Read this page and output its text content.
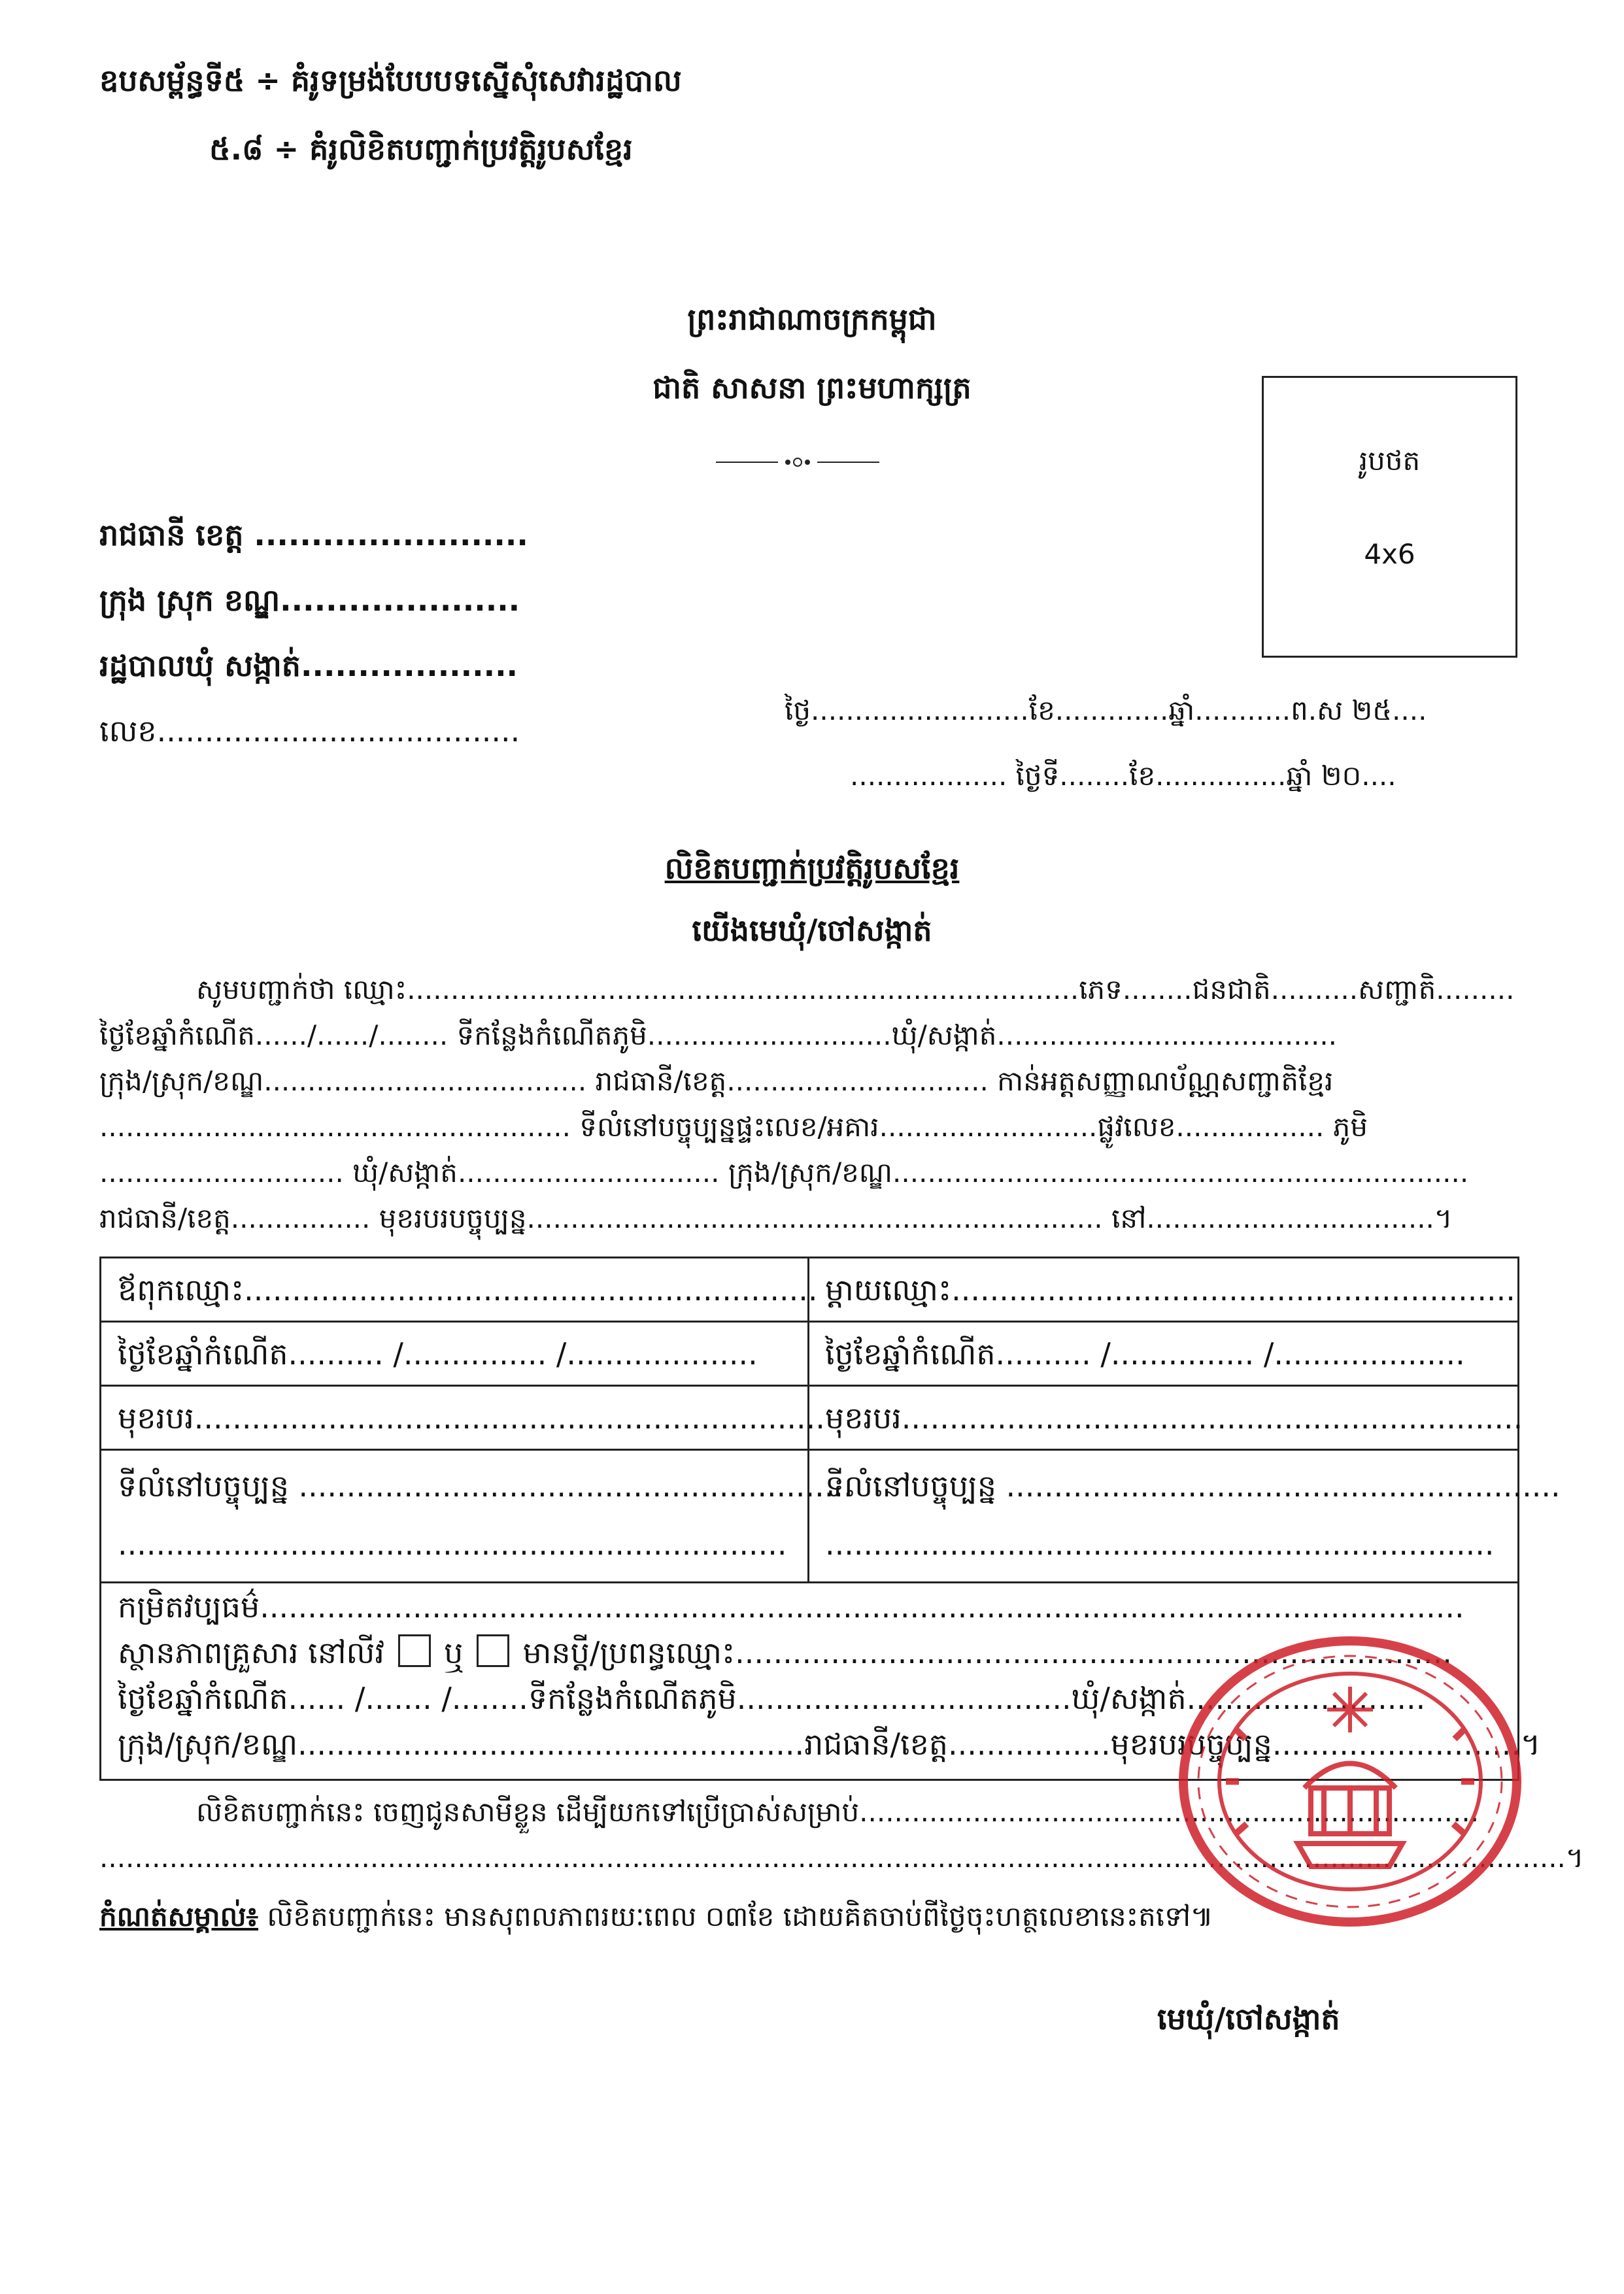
ឧបសម្ព័ន្ធទី៥ ÷ គំរូទម្រង់បែបបទស្នើសុំសេវារដ្ឋបាល
៥.៨ ÷ គំរូលិខិតបញ្ជាក់ប្រវត្តិរូបសខ្មែរ
ព្រះរាជាណាចក្រកម្ពុជា
ជាតិ សាសនា ព្រះមហាក្សត្រ
រូបថត
4x6
រាជធានី ខេត្ត ........................
ក្រុង ស្រុក ខណ្ឌ.....................
រដ្ឋបាលឃុំ សង្កាត់...................
លេខ......................................
ថ្ងៃ.........................ខែ.............ឆ្នាំ...........ព.ស ២៥....
.................. ថ្ងៃទី........ខែ...............ឆ្នាំ ២០....
លិខិតបញ្ជាក់ប្រវត្តិរូបសខ្មែរ
យើងមេឃុំ/ចៅសង្កាត់
សូមបញ្ជាក់ថា ឈ្មោះ.............................................................................ភេទ........ជនជាតិ..........សញ្ជាតិ.........
ថ្ងៃខែឆ្នាំកំណើត....../....../........ ទីកន្លែងកំណើតភូមិ............................ឃុំ/សង្កាត់.......................................
ក្រុង/ស្រុក/ខណ្ឌ..................................... រាជធានី/ខេត្ត.............................. កាន់អត្តសញ្ញាណប័ណ្ណសញ្ជាតិខ្មែរ
...................................................... ទីលំនៅបច្ចុប្បន្នផ្ទះលេខ/អគារ.........................ផ្លូវលេខ................. ភូមិ
............................ ឃុំ/សង្កាត់.............................. ក្រុង/ស្រុក/ខណ្ឌ..................................................................
រាជធានី/ខេត្ត................ មុខរបរបច្ចុប្បន្ន.................................................................. នៅ.................................។
ឪពុកឈ្មោះ............................................................ ម្ដាយឈ្មោះ...........................................................
ថ្ងៃខែឆ្នាំកំណើត.......... /............... /.................... ថ្ងៃខែឆ្នាំកំណើត.......... /............... /....................
មុខរបរ.................................................................. មុខរបរ.................................................................
ទីលំនៅបច្ចុប្បន្ន ..........................................................
ទីលំនៅបច្ចុប្បន្ន ..........................................................
...................................................................... ......................................................................
កម្រិតវប្បធម៌..............................................................................................................................
ស្ថានភាពគ្រួសារ នៅលីវ ឬ មានប្ដី/ប្រពន្ធឈ្មោះ...........................................................................
ថ្ងៃខែឆ្នាំកំណើត...... /....... /........ទីកន្លែងកំណើតភូមិ...................................ឃុំ/សង្កាត់.........................
ក្រុង/ស្រុក/ខណ្ឌ.....................................................រាជធានី/ខេត្ត.................មុខរបរបច្ចុប្បន្ន..........................។
លិខិតបញ្ជាក់នេះ ចេញជូនសាមីខ្លួន ដើម្បីយកទៅប្រើប្រាស់សម្រាប់.......................................................................
........................................................................................................................................................................។
កំណត់សម្គាល់៖ លិខិតបញ្ជាក់នេះ មានសុពលភាពរយៈពេល ០៣ខែ ដោយគិតចាប់ពីថ្ងៃចុះហត្ថលេខានេះតទៅ៕
មេឃុំ/ចៅសង្កាត់
